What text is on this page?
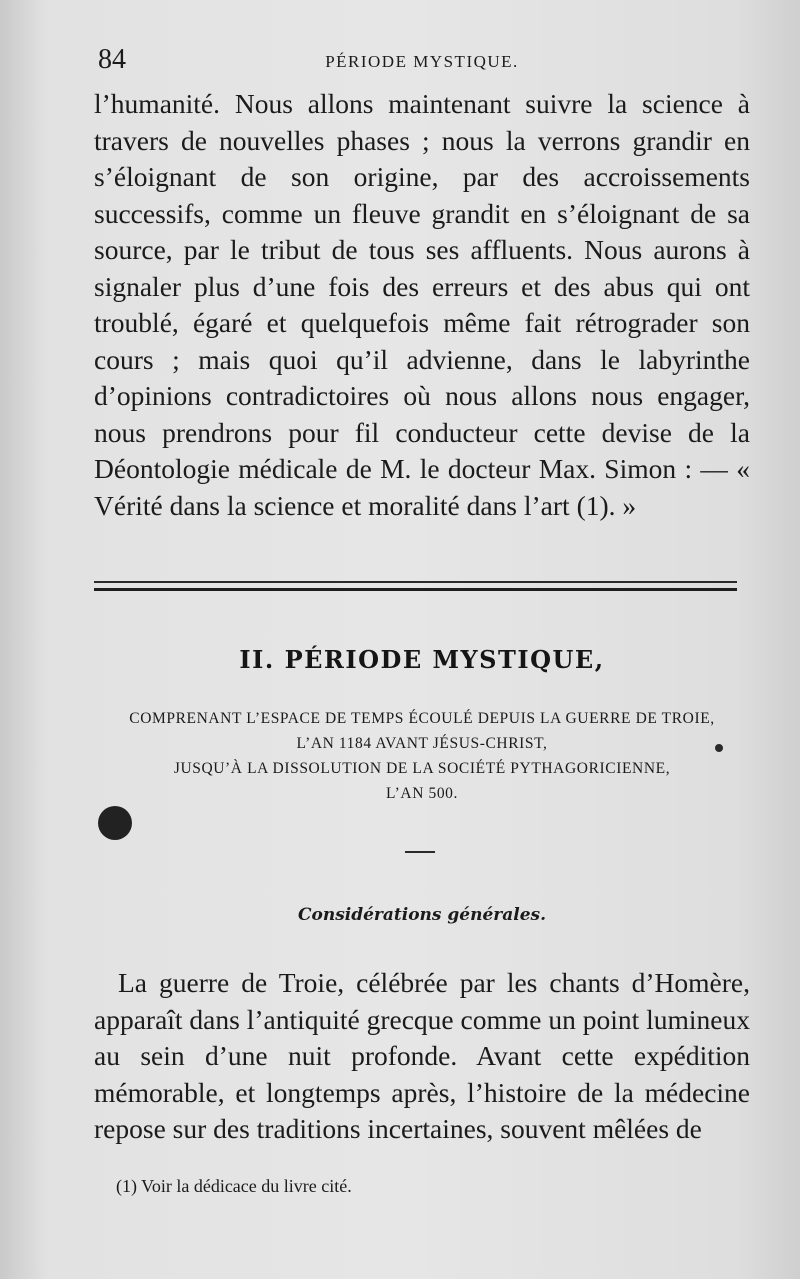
84	PÉRIODE MYSTIQUE.

l’humanité. Nous allons maintenant suivre la science à travers de nouvelles phases ; nous la verrons grandir en s’éloignant de son origine, par des accroissements successifs, comme un fleuve grandit en s’éloignant de sa source, par le tribut de tous ses affluents. Nous aurons à signaler plus d’une fois des erreurs et des abus qui ont troublé, égaré et quelquefois même fait rétrograder son cours ; mais quoi qu’il advienne, dans le labyrinthe d’opinions contradictoires où nous allons nous engager, nous prendrons pour fil conducteur cette devise de la Déontologie médicale de M. le docteur Max. Simon : — « Vérité dans la science et moralité dans l’art (1). »

II. PÉRIODE MYSTIQUE,
COMPRENANT L’ESPACE DE TEMPS ÉCOULÉ DEPUIS LA GUERRE DE TROIE,
L’AN 1184 AVANT JÉSUS-CHRIST,
JUSQU’À LA DISSOLUTION DE LA SOCIÉTÉ PYTHAGORICIENNE,
L’AN 500.
Considérations générales.

La guerre de Troie, célébrée par les chants d’Homère, apparaît dans l’antiquité grecque comme un point lumineux au sein d’une nuit profonde. Avant cette expédition mémorable, et longtemps après, l’histoire de la médecine repose sur des traditions incertaines, souvent mêlées de

(1) Voir la dédicace du livre cité.
